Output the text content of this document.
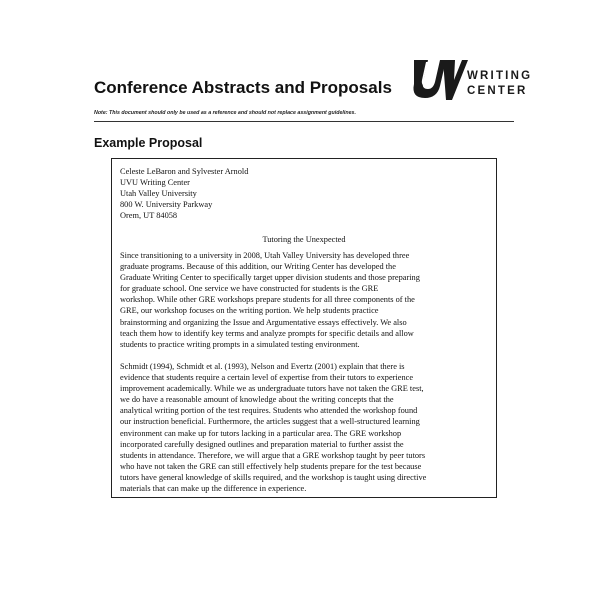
Conference Abstracts and Proposals
WRITING
CENTER
Note: This document should only be used as a reference and should not replace assignment guidelines.
Example Proposal
Celeste LeBaron and Sylvester Arnold
UVU Writing Center
Utah Valley University
800 W. University Parkway
Orem, UT 84058
Tutoring the Unexpected
Since transitioning to a university in 2008, Utah Valley University has developed three
graduate programs. Because of this addition, our Writing Center has developed the
Graduate Writing Center to specifically target upper division students and those preparing
for graduate school. One service we have constructed for students is the GRE
workshop. While other GRE workshops prepare students for all three components of the
GRE, our workshop focuses on the writing portion. We help students practice
brainstorming and organizing the Issue and Argumentative essays effectively. We also
teach them how to identify key terms and analyze prompts for specific details and allow
students to practice writing prompts in a simulated testing environment.
Schmidt (1994), Schmidt et al. (1993), Nelson and Evertz (2001) explain that there is
evidence that students require a certain level of expertise from their tutors to experience
improvement academically. While we as undergraduate tutors have not taken the GRE test,
we do have a reasonable amount of knowledge about the writing concepts that the
analytical writing portion of the test requires. Students who attended the workshop found
our instruction beneficial. Furthermore, the articles suggest that a well-structured learning
environment can make up for tutors lacking in a particular area. The GRE workshop
incorporated carefully designed outlines and preparation material to further assist the
students in attendance. Therefore, we will argue that a GRE workshop taught by peer tutors
who have not taken the GRE can still effectively help students prepare for the test because
tutors have general knowledge of skills required, and the workshop is taught using directive
materials that can make up the difference in experience.
